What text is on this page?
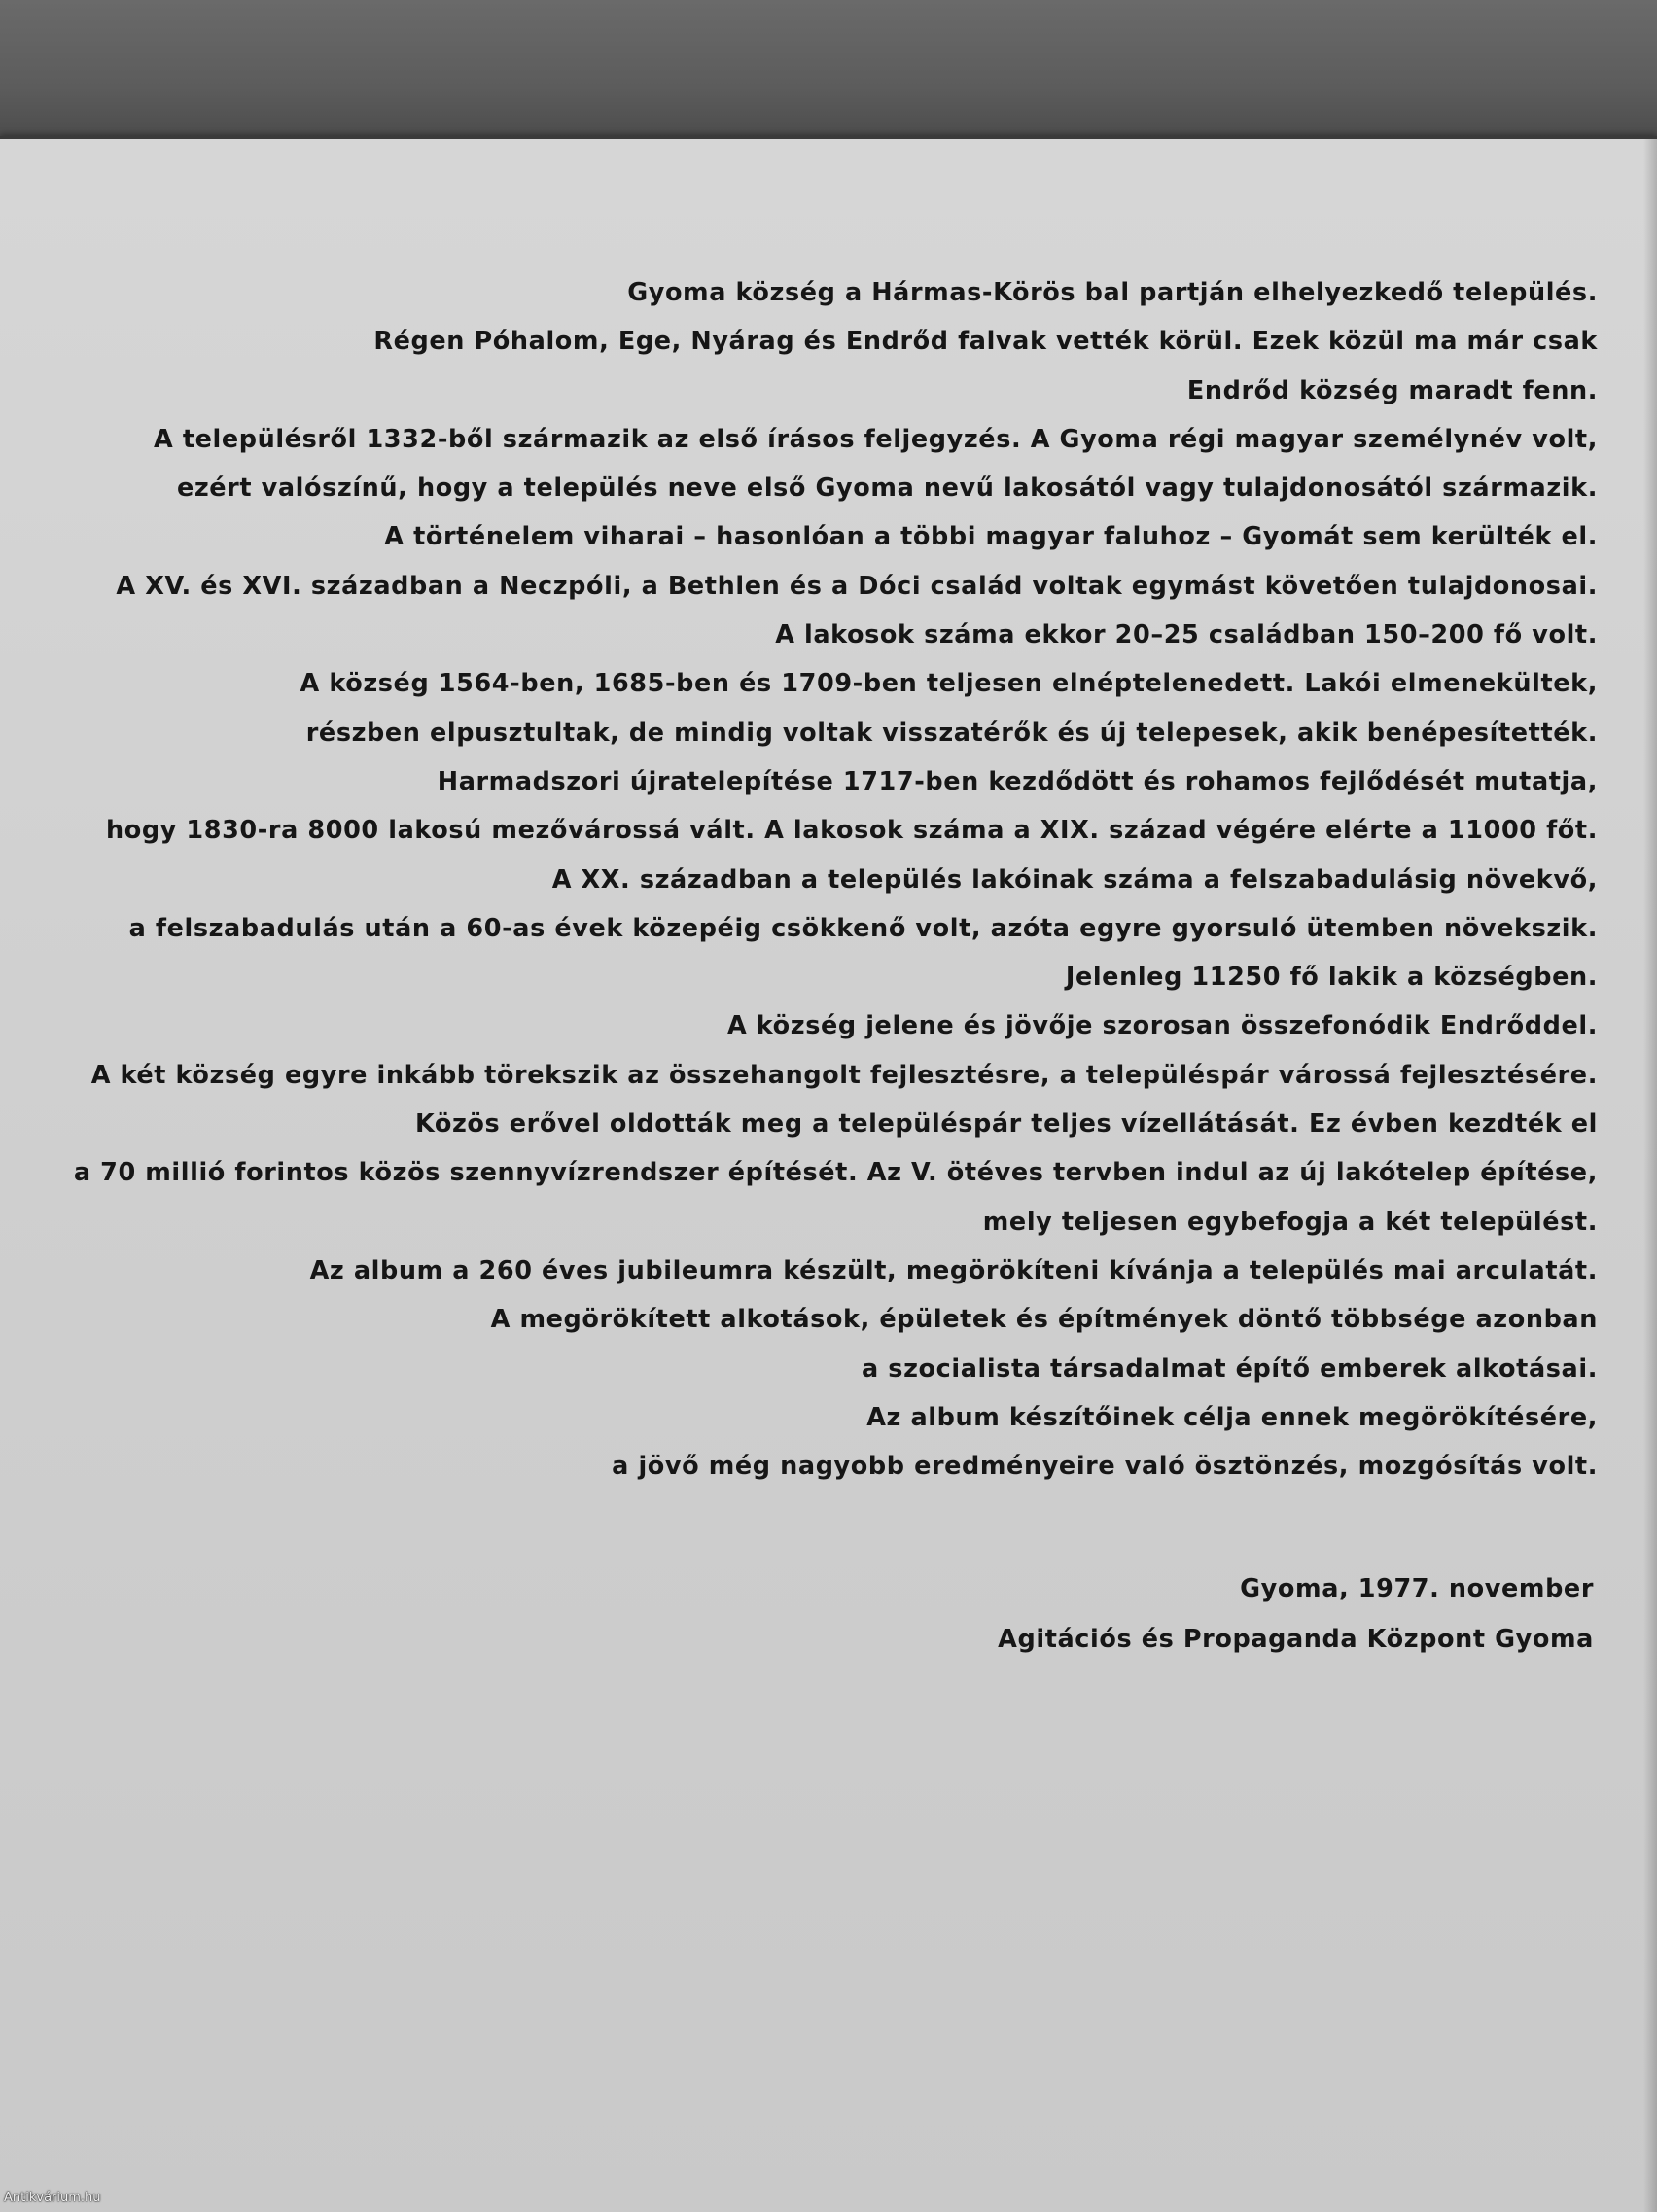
Gyoma község a Hármas-Körös bal partján elhelyezkedő település.
Régen Póhalom, Ege, Nyárag és Endrőd falvak vették körül. Ezek közül ma már csak
Endrőd község maradt fenn.
A településről 1332-ből származik az első írásos feljegyzés. A Gyoma régi magyar személynév volt,
ezért valószínű, hogy a település neve első Gyoma nevű lakosától vagy tulajdonosától származik.
A történelem viharai – hasonlóan a többi magyar faluhoz – Gyomát sem kerülték el.
A XV. és XVI. században a Neczpóli, a Bethlen és a Dóci család voltak egymást követően tulajdonosai.
A lakosok száma ekkor 20–25 családban 150–200 fő volt.
A község 1564-ben, 1685-ben és 1709-ben teljesen elnéptelenedett. Lakói elmenekültek,
részben elpusztultak, de mindig voltak visszatérők és új telepesek, akik benépesítették.
Harmadszori újratelepítése 1717-ben kezdődött és rohamos fejlődését mutatja,
hogy 1830-ra 8000 lakosú mezővárossá vált. A lakosok száma a XIX. század végére elérte a 11000 főt.
A XX. században a település lakóinak száma a felszabadulásig növekvő,
a felszabadulás után a 60-as évek közepéig csökkenő volt, azóta egyre gyorsuló ütemben növekszik.
Jelenleg 11250 fő lakik a községben.
A község jelene és jövője szorosan összefonódik Endrőddel.
A két község egyre inkább törekszik az összehangolt fejlesztésre, a településpár várossá fejlesztésére.
Közös erővel oldották meg a településpár teljes vízellátását. Ez évben kezdték el
a 70 millió forintos közös szennyvízrendszer építését. Az V. ötéves tervben indul az új lakótelep építése,
mely teljesen egybefogja a két települést.
Az album a 260 éves jubileumra készült, megörökíteni kívánja a település mai arculatát.
A megörökített alkotások, épületek és építmények döntő többsége azonban
a szocialista társadalmat építő emberek alkotásai.
Az album készítőinek célja ennek megörökítésére,
a jövő még nagyobb eredményeire való ösztönzés, mozgósítás volt.
Gyoma, 1977. november
Agitációs és Propaganda Központ Gyoma
Antikvárium.hu
